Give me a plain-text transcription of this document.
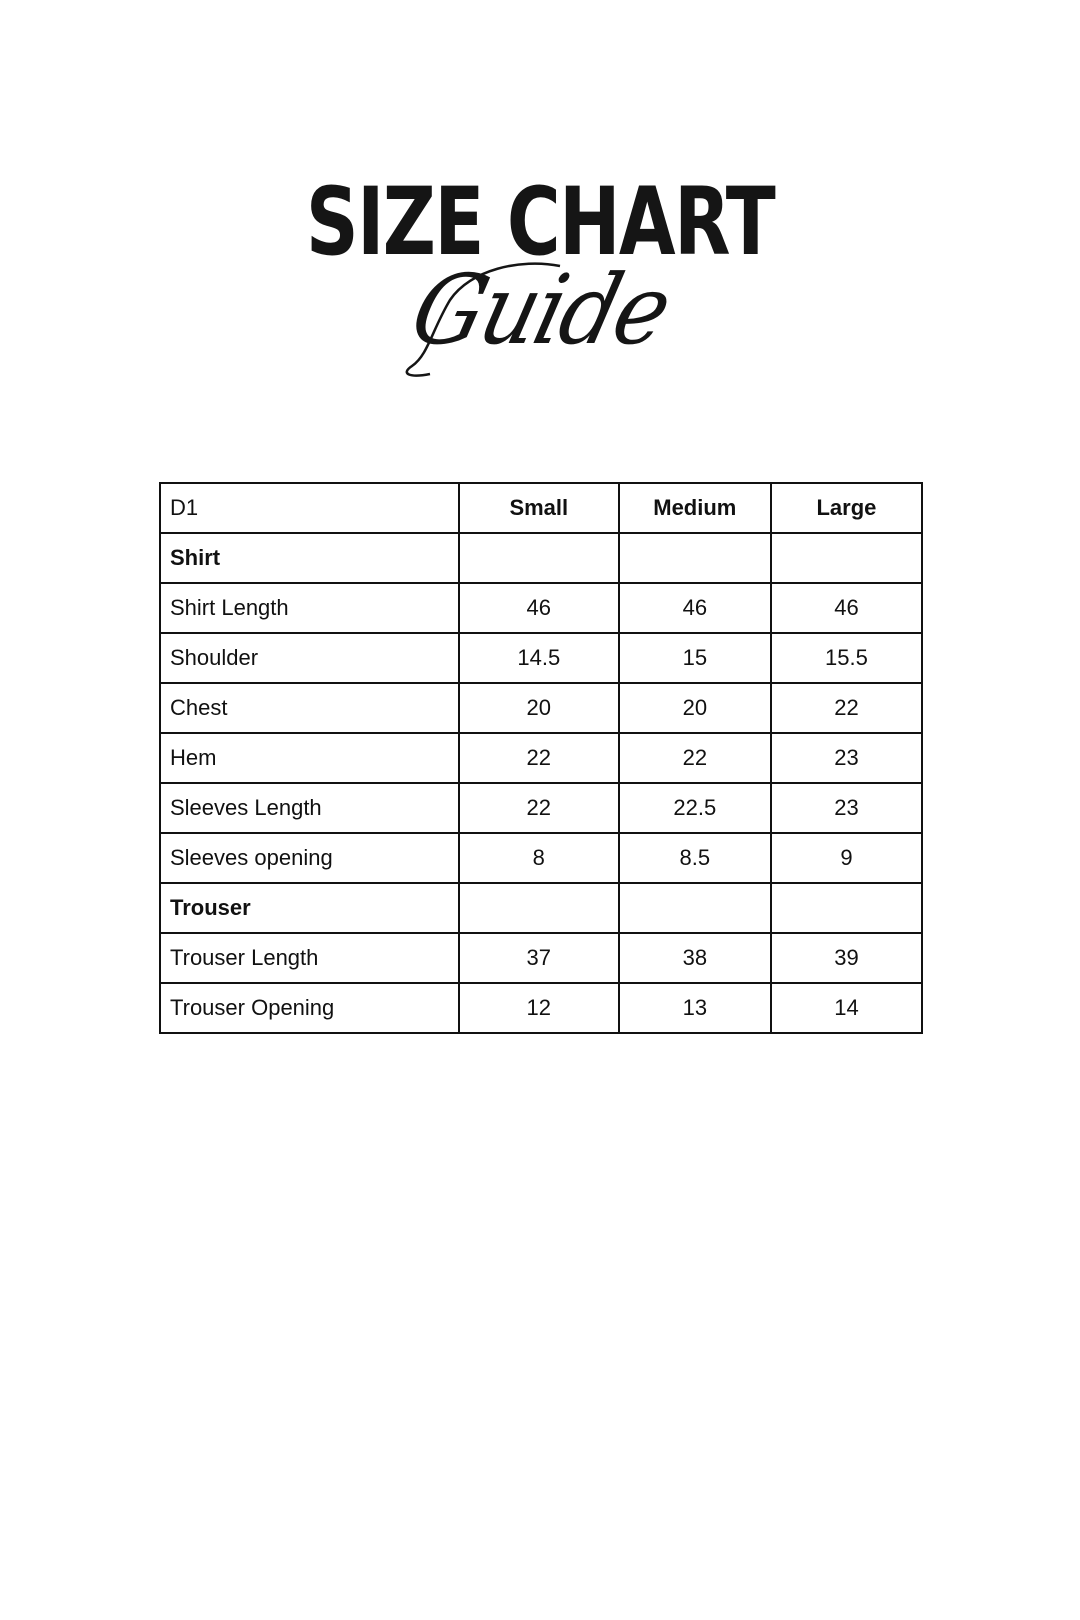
SIZE CHART
Guide
D1	Small	Medium	Large
Shirt			
Shirt Length	46	46	46
Shoulder	14.5	15	15.5
Chest	20	20	22
Hem	22	22	23
Sleeves Length	22	22.5	23
Sleeves opening	8	8.5	9
Trouser			
Trouser Length	37	38	39
Trouser Opening	12	13	14
